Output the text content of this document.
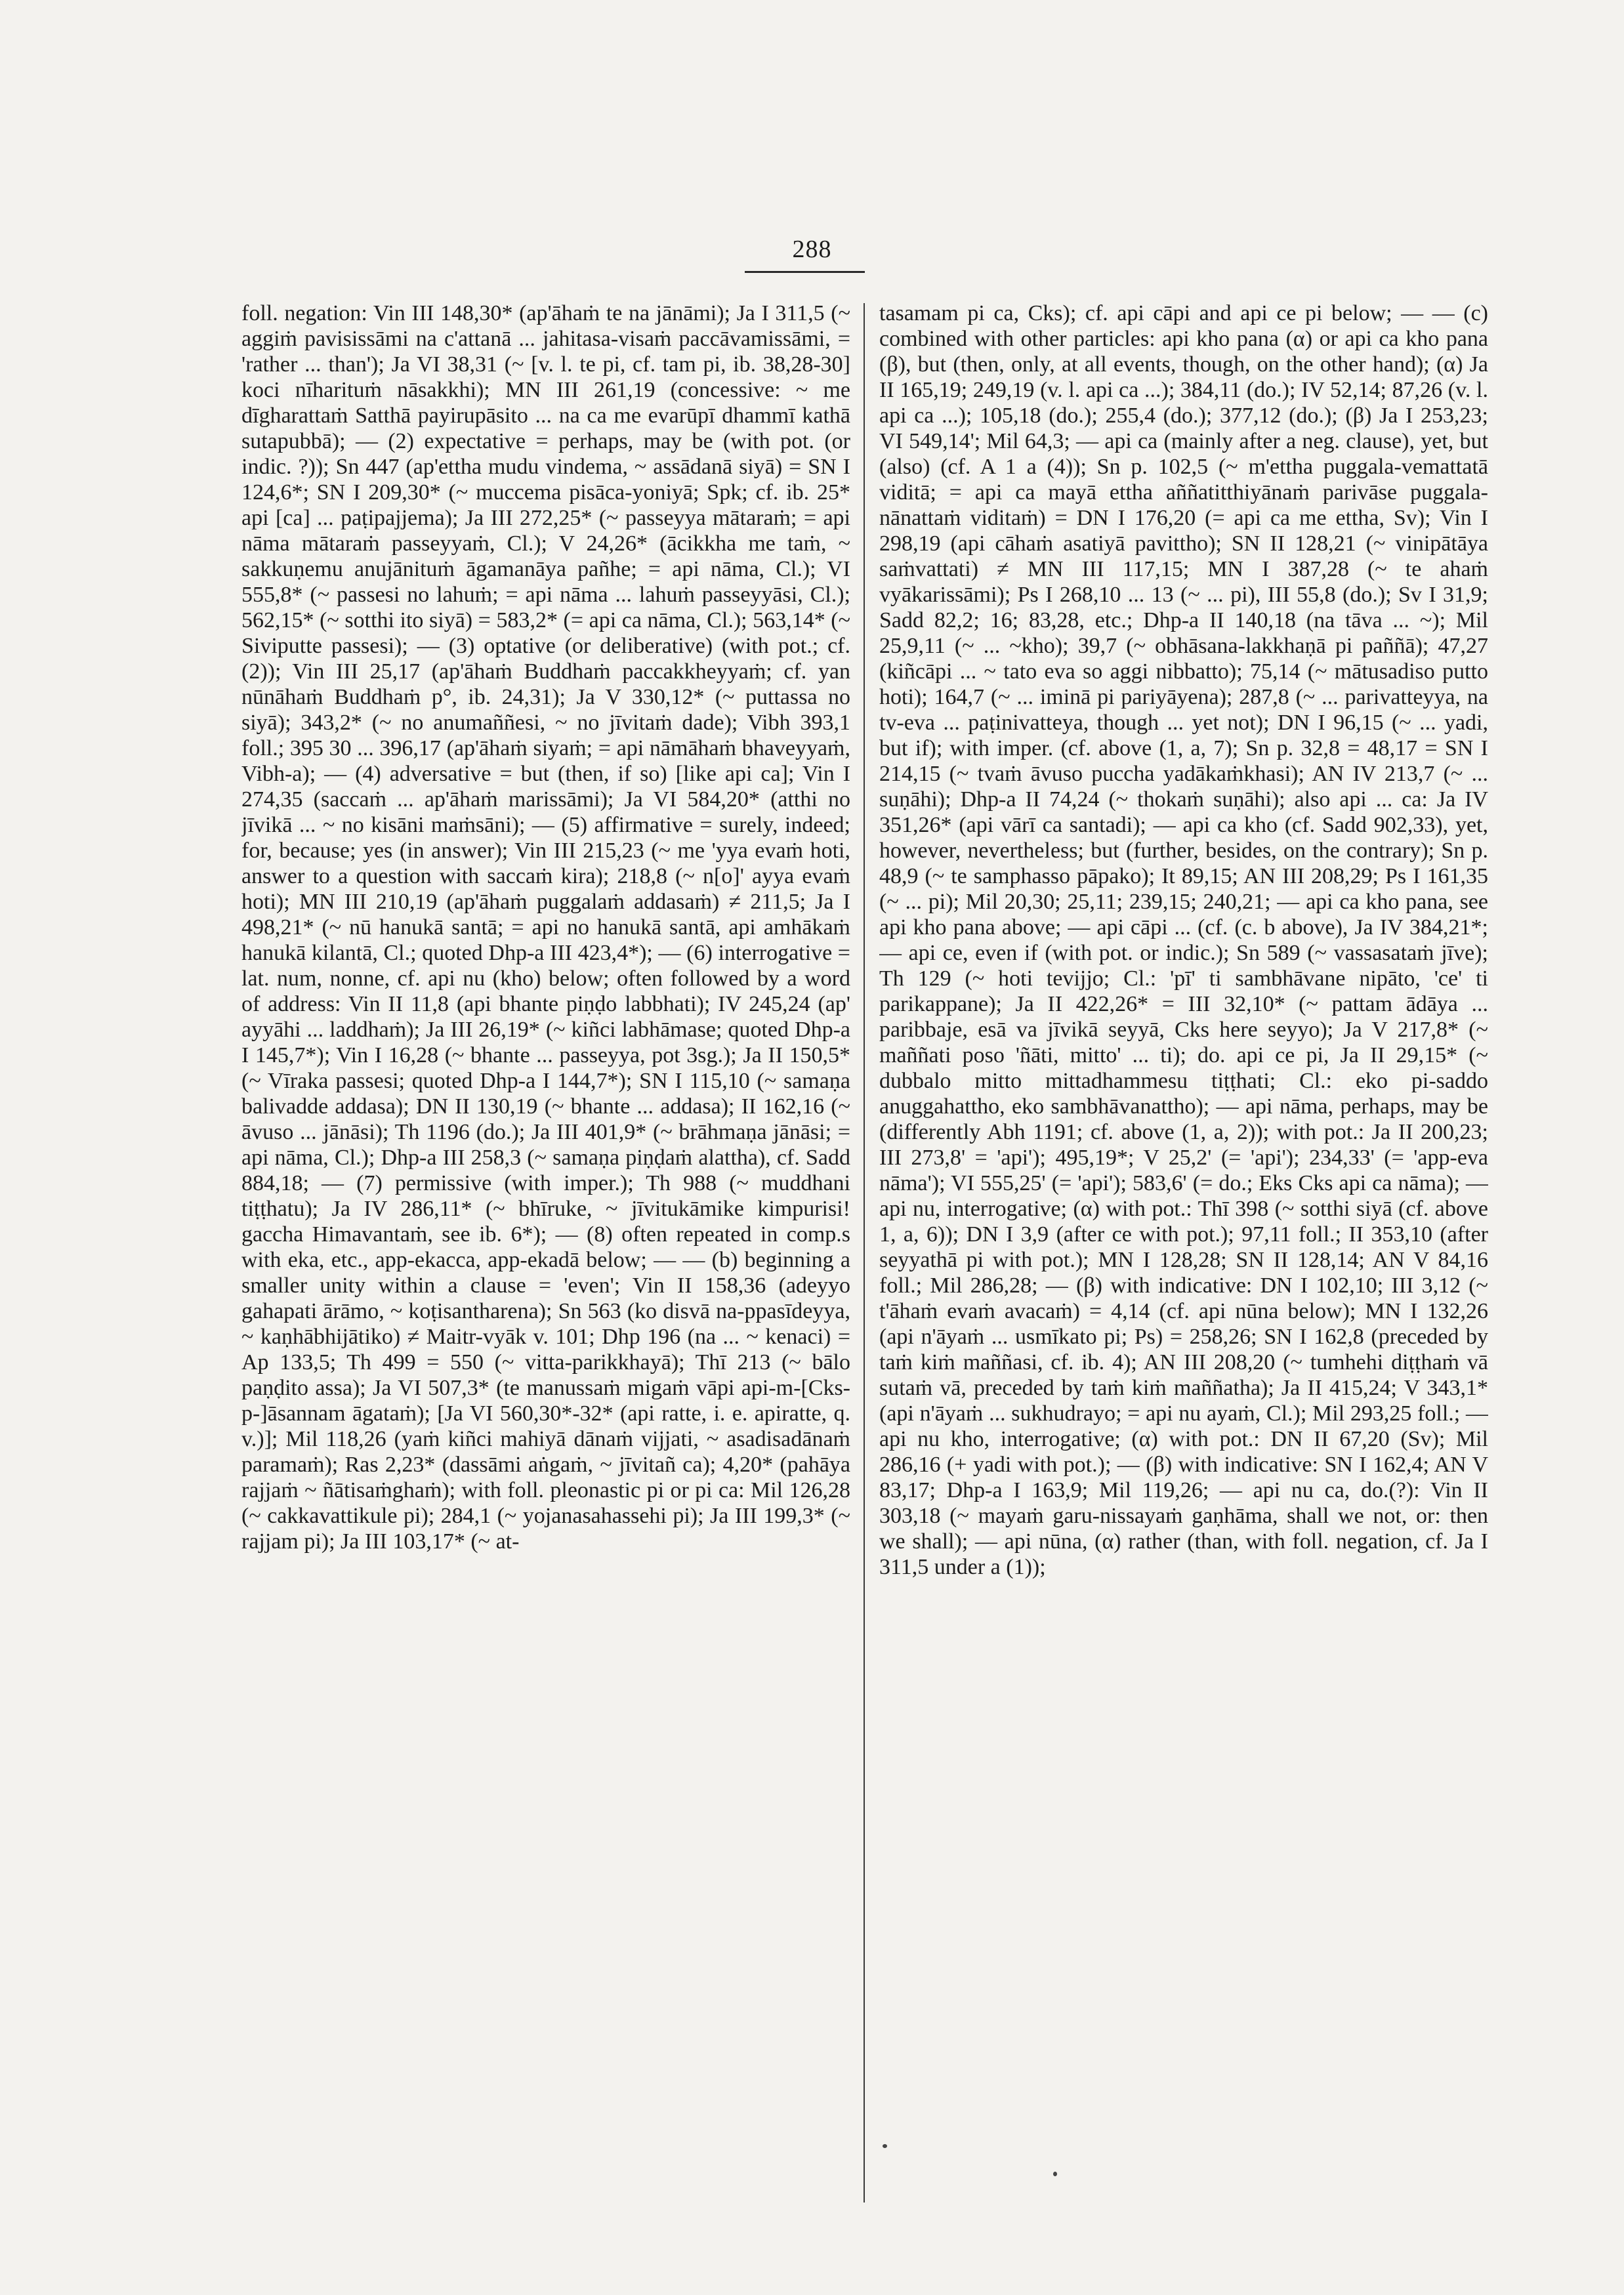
288
foll. negation: Vin III 148,30* (ap'āhaṁ te na jānāmi); Ja I 311,5 (~ aggiṁ pavisissāmi na c'attanā ... jahitasa-visaṁ paccāvamissāmi, = 'rather ... than'); Ja VI 38,31 (~ [v. l. te pi, cf. tam pi, ib. 38,28-30] koci nīharituṁ nāsakkhi); MN III 261,19 (concessive: ~ me dīgharattaṁ Satthā payirupāsito ... na ca me evarūpī dhammī kathā sutapubbā); — (2) expectative = perhaps, may be (with pot. (or indic. ?)); Sn 447 (ap'ettha mudu vindema, ~ assādanā siyā) = SN I 124,6*; SN I 209,30* (~ muccema pisāca-yoniyā; Spk; cf. ib. 25* api [ca] ... paṭipajjema); Ja III 272,25* (~ passeyya mātaraṁ; = api nāma mātaraṁ passeyyaṁ, Cl.); V 24,26* (ācikkha me taṁ, ~ sakkuṇemu anujānituṁ āgamanāya pañhe; = api nāma, Cl.); VI 555,8* (~ passesi no lahuṁ; = api nāma ... lahuṁ passeyyāsi, Cl.); 562,15* (~ sotthi ito siyā) = 583,2* (= api ca nāma, Cl.); 563,14* (~ Siviputte passesi); — (3) optative (or deliberative) (with pot.; cf. (2)); Vin III 25,17 (ap'āhaṁ Buddhaṁ paccakkheyyaṁ; cf. yan nūnāhaṁ Buddhaṁ p°, ib. 24,31); Ja V 330,12* (~ puttassa no siyā); 343,2* (~ no anumaññesi, ~ no jīvitaṁ dade); Vibh 393,1 foll.; 395 30 ... 396,17 (ap'āhaṁ siyaṁ; = api nāmāhaṁ bhaveyyaṁ, Vibh-a); — (4) adversative = but (then, if so) [like api ca]; Vin I 274,35 (saccaṁ ... ap'āhaṁ marissāmi); Ja VI 584,20* (atthi no jīvikā ... ~ no kisāni maṁsāni); — (5) affirmative = surely, indeed; for, because; yes (in answer); Vin III 215,23 (~ me 'yya evaṁ hoti, answer to a question with saccaṁ kira); 218,8 (~ n[o]' ayya evaṁ hoti); MN III 210,19 (ap'āhaṁ puggalaṁ addasaṁ) ≠ 211,5; Ja I 498,21* (~ nū hanukā santā; = api no hanukā santā, api amhākaṁ hanukā kilantā, Cl.; quoted Dhp-a III 423,4*); — (6) interrogative = lat. num, nonne, cf. api nu (kho) below; often followed by a word of address: Vin II 11,8 (api bhante piṇḍo labbhati); IV 245,24 (ap' ayyāhi ... laddhaṁ); Ja III 26,19* (~ kiñci labhāmase; quoted Dhp-a I 145,7*); Vin I 16,28 (~ bhante ... passeyya, pot 3sg.); Ja II 150,5* (~ Vīraka passesi; quoted Dhp-a I 144,7*); SN I 115,10 (~ samaṇa balivadde addasa); DN II 130,19 (~ bhante ... addasa); II 162,16 (~ āvuso ... jānāsi); Th 1196 (do.); Ja III 401,9* (~ brāhmaṇa jānāsi; = api nāma, Cl.); Dhp-a III 258,3 (~ samaṇa piṇḍaṁ alattha), cf. Sadd 884,18; — (7) permissive (with imper.); Th 988 (~ muddhani tiṭṭhatu); Ja IV 286,11* (~ bhīruke, ~ jīvitukāmike kimpurisi! gaccha Himavantaṁ, see ib. 6*); — (8) often repeated in comp.s with eka, etc., app-ekacca, app-ekadā below; — — (b) beginning a smaller unity within a clause = 'even'; Vin II 158,36 (adeyyo gahapati ārāmo, ~ koṭisantharena); Sn 563 (ko disvā na-ppasīdeyya, ~ kaṇhābhijātiko) ≠ Maitr-vyāk v. 101; Dhp 196 (na ... ~ kenaci) = Ap 133,5; Th 499 = 550 (~ vitta-parikkhayā); Thī 213 (~ bālo paṇḍito assa); Ja VI 507,3* (te manussaṁ migaṁ vāpi api-m-[Cks-p-]āsannam āgataṁ); [Ja VI 560,30*-32* (api ratte, i. e. apiratte, q. v.)]; Mil 118,26 (yaṁ kiñci mahiyā dānaṁ vijjati, ~ asadisadānaṁ paramaṁ); Ras 2,23* (dassāmi aṅgaṁ, ~ jīvitañ ca); 4,20* (pahāya rajjaṁ ~ ñātisaṁghaṁ); with foll. pleonastic pi or pi ca: Mil 126,28 (~ cakkavattikule pi); 284,1 (~ yojanasahassehi pi); Ja III 199,3* (~ rajjam pi); Ja III 103,17* (~ at-
tasamam pi ca, Cks); cf. api cāpi and api ce pi below; — — (c) combined with other particles: api kho pana (α) or api ca kho pana (β), but (then, only, at all events, though, on the other hand); (α) Ja II 165,19; 249,19 (v. l. api ca ...); 384,11 (do.); IV 52,14; 87,26 (v. l. api ca ...); 105,18 (do.); 255,4 (do.); 377,12 (do.); (β) Ja I 253,23; VI 549,14'; Mil 64,3; — api ca (mainly after a neg. clause), yet, but (also) (cf. A 1 a (4)); Sn p. 102,5 (~ m'ettha puggala-vemattatā viditā; = api ca mayā ettha aññatitthiyānaṁ parivāse puggala-nānattaṁ viditaṁ) = DN I 176,20 (= api ca me ettha, Sv); Vin I 298,19 (api cāhaṁ asatiyā pavittho); SN II 128,21 (~ vinipātāya saṁvattati) ≠ MN III 117,15; MN I 387,28 (~ te ahaṁ vyākarissāmi); Ps I 268,10 ... 13 (~ ... pi), III 55,8 (do.); Sv I 31,9; Sadd 82,2; 16; 83,28, etc.; Dhp-a II 140,18 (na tāva ... ~); Mil 25,9,11 (~ ... ~kho); 39,7 (~ obhāsana-lakkhaṇā pi paññā); 47,27 (kiñcāpi ... ~ tato eva so aggi nibbatto); 75,14 (~ mātusadiso putto hoti); 164,7 (~ ... iminā pi pariyāyena); 287,8 (~ ... parivatteyya, na tv-eva ... paṭinivatteya, though ... yet not); DN I 96,15 (~ ... yadi, but if); with imper. (cf. above (1, a, 7); Sn p. 32,8 = 48,17 = SN I 214,15 (~ tvaṁ āvuso puccha yadākaṁkhasi); AN IV 213,7 (~ ... suṇāhi); Dhp-a II 74,24 (~ thokaṁ suṇāhi); also api ... ca: Ja IV 351,26* (api vārī ca santadi); — api ca kho (cf. Sadd 902,33), yet, however, nevertheless; but (further, besides, on the contrary); Sn p. 48,9 (~ te samphasso pāpako); It 89,15; AN III 208,29; Ps I 161,35 (~ ... pi); Mil 20,30; 25,11; 239,15; 240,21; — api ca kho pana, see api kho pana above; — api cāpi ... (cf. (c. b above), Ja IV 384,21*; — api ce, even if (with pot. or indic.); Sn 589 (~ vassasataṁ jīve); Th 129 (~ hoti tevijjo; Cl.: 'pī' ti sambhāvane nipāto, 'ce' ti parikappane); Ja II 422,26* = III 32,10* (~ pattam ādāya ... paribbaje, esā va jīvikā seyyā, Cks here seyyo); Ja V 217,8* (~ maññati poso 'ñāti, mitto' ... ti); do. api ce pi, Ja II 29,15* (~ dubbalo mitto mittadhammesu tiṭṭhati; Cl.: eko pi-saddo anuggahattho, eko sambhāvanattho); — api nāma, perhaps, may be (differently Abh 1191; cf. above (1, a, 2)); with pot.: Ja II 200,23; III 273,8' = 'api'); 495,19*; V 25,2' (= 'api'); 234,33' (= 'app-eva nāma'); VI 555,25' (= 'api'); 583,6' (= do.; Eks Cks api ca nāma); — api nu, interrogative; (α) with pot.: Thī 398 (~ sotthi siyā (cf. above 1, a, 6)); DN I 3,9 (after ce with pot.); 97,11 foll.; II 353,10 (after seyyathā pi with pot.); MN I 128,28; SN II 128,14; AN V 84,16 foll.; Mil 286,28; — (β) with indicative: DN I 102,10; III 3,12 (~ t'āhaṁ evaṁ avacaṁ) = 4,14 (cf. api nūna below); MN I 132,26 (api n'āyaṁ ... usmīkato pi; Ps) = 258,26; SN I 162,8 (preceded by taṁ kiṁ maññasi, cf. ib. 4); AN III 208,20 (~ tumhehi diṭṭhaṁ vā sutaṁ vā, preceded by taṁ kiṁ maññatha); Ja II 415,24; V 343,1* (api n'āyaṁ ... sukhudrayo; = api nu ayaṁ, Cl.); Mil 293,25 foll.; — api nu kho, interrogative; (α) with pot.: DN II 67,20 (Sv); Mil 286,16 (+ yadi with pot.); — (β) with indicative: SN I 162,4; AN V 83,17; Dhp-a I 163,9; Mil 119,26; — api nu ca, do.(?): Vin II 303,18 (~ mayaṁ garu-nissayaṁ gaṇhāma, shall we not, or: then we shall); — api nūna, (α) rather (than, with foll. negation, cf. Ja I 311,5 under a (1));
